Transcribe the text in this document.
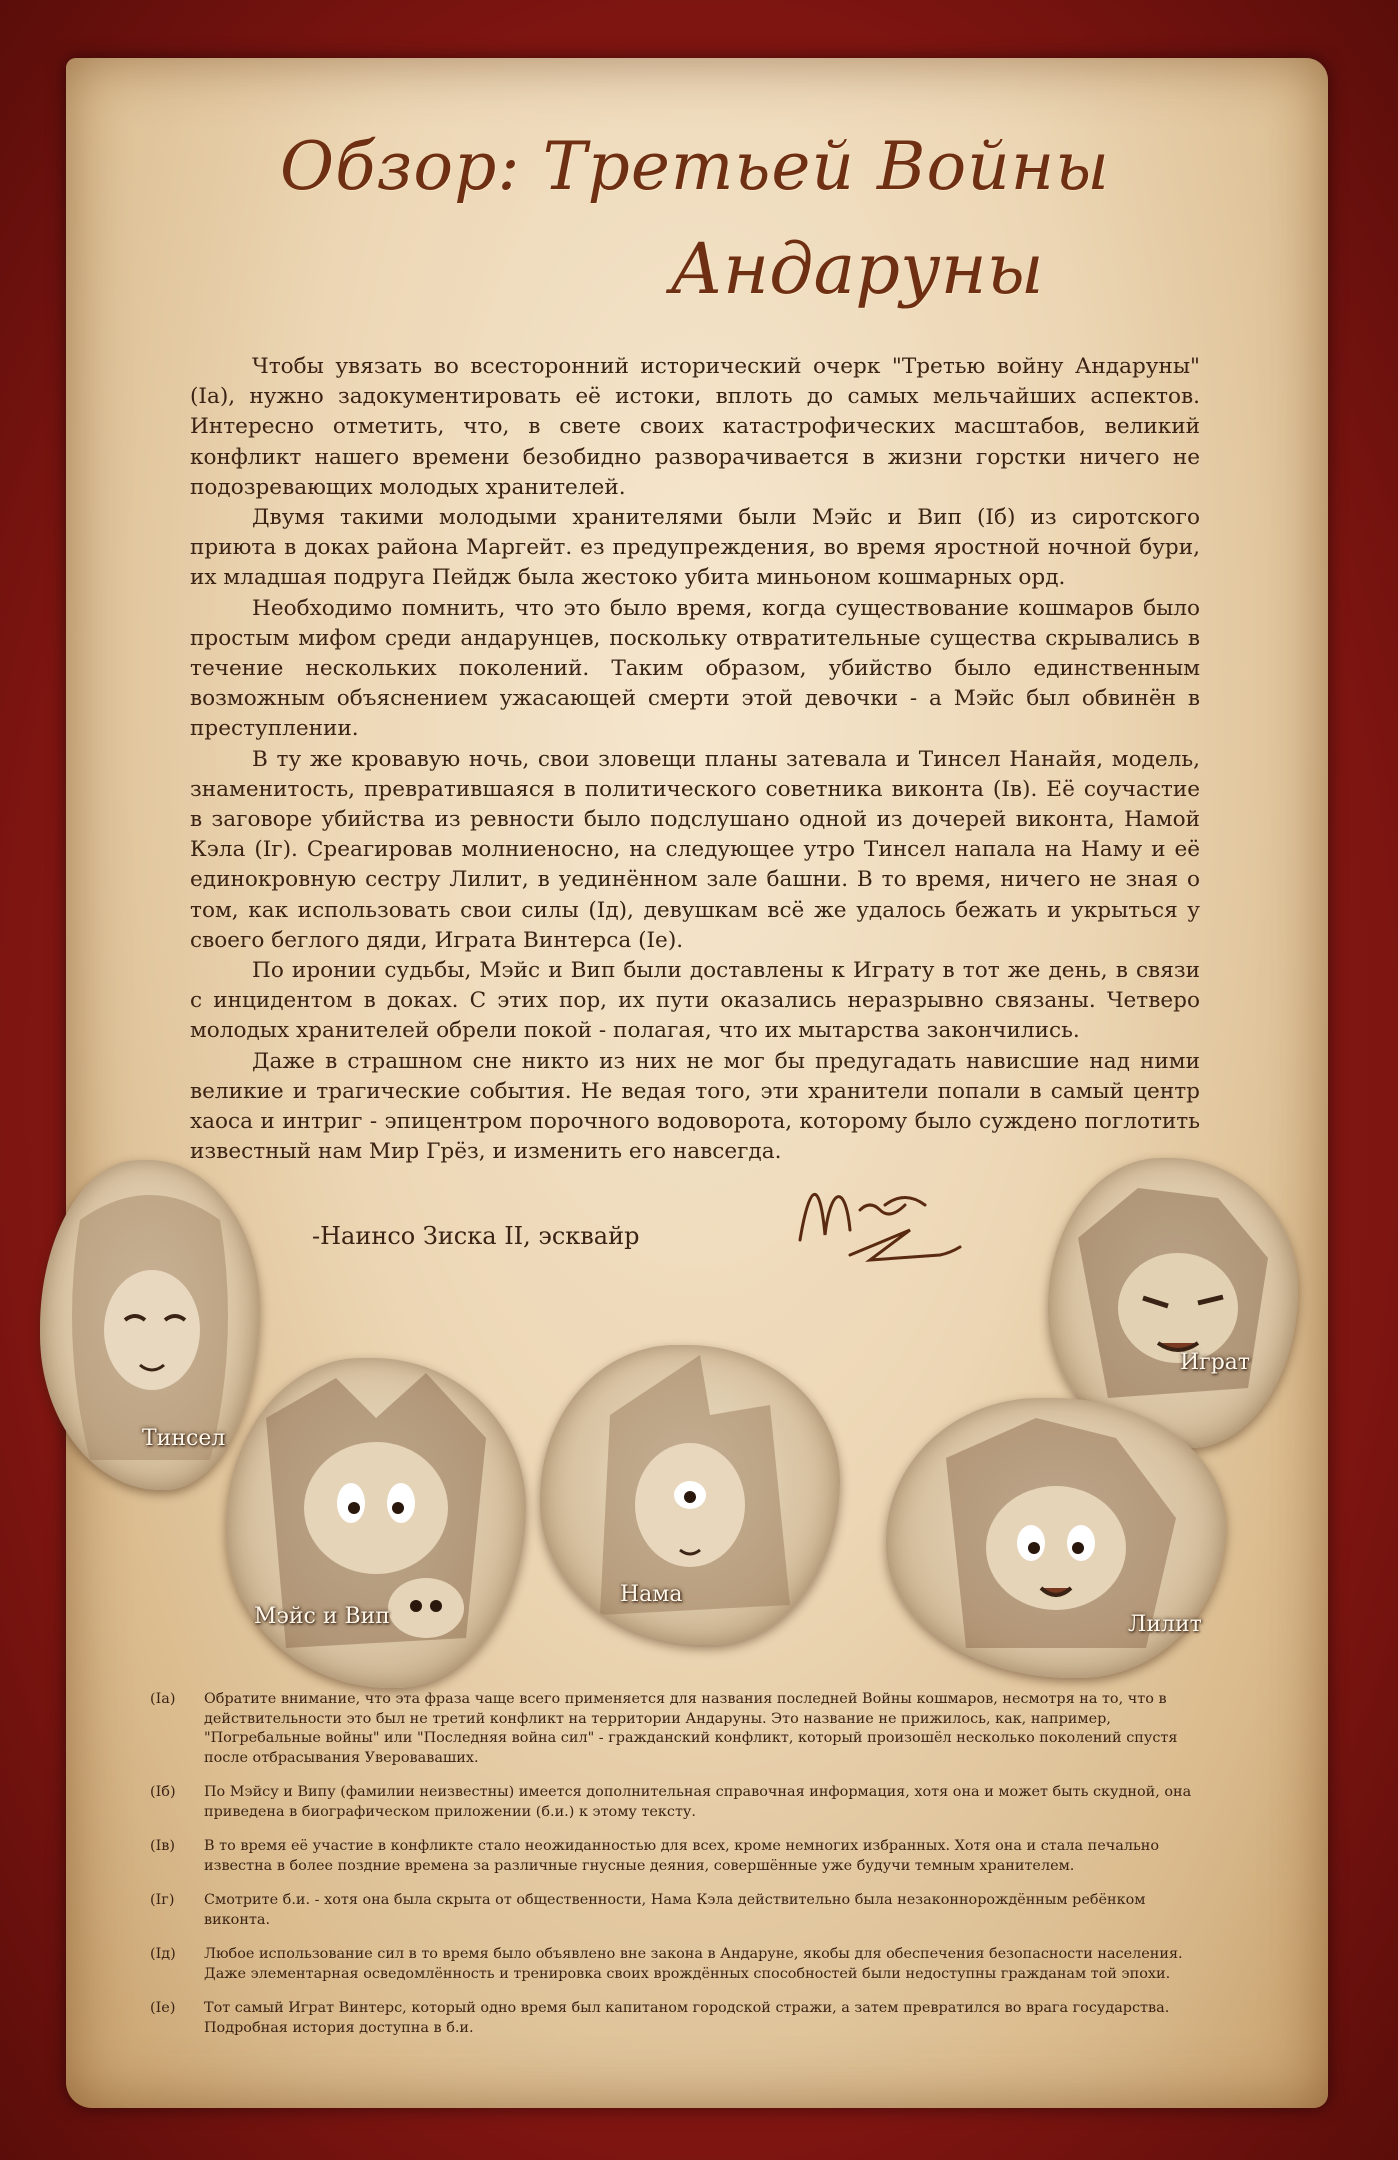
Обзор: Третьей Войны
Андаруны

Чтобы увязать во всесторонний исторический очерк "Третью войну Андаруны" (Iа), нужно задокументировать её истоки, вплоть до самых мельчайших аспектов. Интересно отметить, что, в свете своих катастрофических масштабов, великий конфликт нашего времени безобидно разворачивается в жизни горстки ничего не подозревающих молодых хранителей.

Двумя такими молодыми хранителями были Мэйс и Вип (Iб) из сиротского приюта в доках района Маргейт. ез предупреждения, во время яростной ночной бури, их младшая подруга Пейдж была жестоко убита миньоном кошмарных орд.

Необходимо помнить, что это было время, когда существование кошмаров было простым мифом среди андарунцев, поскольку отвратительные существа скрывались в течение нескольких поколений. Таким образом, убийство было единственным возможным объяснением ужасающей смерти этой девочки - а Мэйс был обвинён в преступлении.

В ту же кровавую ночь, свои зловещи планы затевала и Тинсел Нанайя, модель, знаменитость, превратившаяся в политического советника виконта (Iв). Её соучастие в заговоре убийства из ревности было подслушано одной из дочерей виконта, Намой Кэла (Iг). Среагировав молниеносно, на следующее утро Тинсел напала на Наму и её единокровную сестру Лилит, в уединённом зале башни. В то время, ничего не зная о том, как использовать свои силы (Iд), девушкам всё же удалось бежать и укрыться у своего беглого дяди, Играта Винтерса (Iе).

По иронии судьбы, Мэйс и Вип были доставлены к Играту в тот же день, в связи с инцидентом в доках. С этих пор, их пути оказались неразрывно связаны. Четверо молодых хранителей обрели покой - полагая, что их мытарства закончились.

Даже в страшном сне никто из них не мог бы предугадать нависшие над ними великие и трагические события. Не ведая того, эти хранители попали в самый центр хаоса и интриг - эпицентром порочного водоворота, которому было суждено поглотить известный нам Мир Грёз, и изменить его навсегда.

-Наинсо Зиска II, эсквайр
Тинсел
Играт
Мэйс и Вип
Нама
Лилит
(Iа) Обратите внимание, что эта фраза чаще всего применяется для названия последней Войны кошмаров, несмотря на то, что в действительности это был не третий конфликт на территории Андаруны. Это название не прижилось, как, например, "Погребальные войны" или "Последняя война сил" - гражданский конфликт, который произошёл несколько поколений спустя после отбрасывания Увероваваших.
(Iб) По Мэйсу и Випу (фамилии неизвестны) имеется дополнительная справочная информация, хотя она и может быть скудной, она приведена в биографическом приложении (б.и.) к этому тексту.
(Iв) В то время её участие в конфликте стало неожиданностью для всех, кроме немногих избранных. Хотя она и стала печально известна в более поздние времена за различные гнусные деяния, совершённые уже будучи темным хранителем.
(Iг) Смотрите б.и. - хотя она была скрыта от общественности, Нама Кэла действительно была незаконнорождённым ребёнком виконта.
(Iд) Любое использование сил в то время было объявлено вне закона в Андаруне, якобы для обеспечения безопасности населения. Даже элементарная осведомлённость и тренировка своих врождённых способностей были недоступны гражданам той эпохи.
(Iе) Тот самый Играт Винтерс, который одно время был капитаном городской стражи, а затем превратился во врага государства. Подробная история доступна в б.и.
